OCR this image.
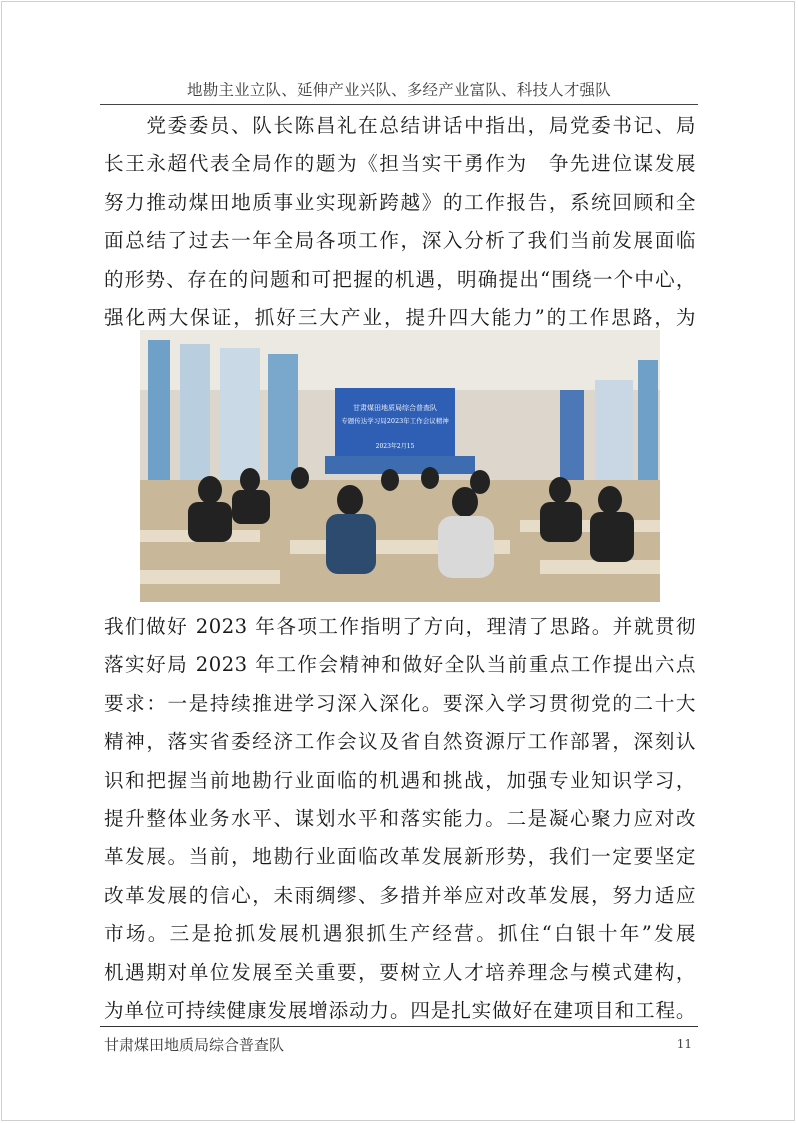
地勘主业立队、延伸产业兴队、多经产业富队、科技人才强队
　　党委委员、队长陈昌礼在总结讲话中指出，局党委书记、局
长王永超代表全局作的题为《担当实干勇作为　争先进位谋发展
努力推动煤田地质事业实现新跨越》的工作报告，系统回顾和全
面总结了过去一年全局各项工作，深入分析了我们当前发展面临
的形势、存在的问题和可把握的机遇，明确提出“围绕一个中心，
强化两大保证，抓好三大产业，提升四大能力”的工作思路，为
甘肃煤田地质局综合普查队
专题传达学习局2023年工作会议精神
2023年2月15
我们做好 2023 年各项工作指明了方向，理清了思路。并就贯彻
落实好局 2023 年工作会精神和做好全队当前重点工作提出六点
要求：一是持续推进学习深入深化。要深入学习贯彻党的二十大
精神，落实省委经济工作会议及省自然资源厅工作部署，深刻认
识和把握当前地勘行业面临的机遇和挑战，加强专业知识学习，
提升整体业务水平、谋划水平和落实能力。二是凝心聚力应对改
革发展。当前，地勘行业面临改革发展新形势，我们一定要坚定
改革发展的信心，未雨绸缪、多措并举应对改革发展，努力适应
市场。三是抢抓发展机遇狠抓生产经营。抓住“白银十年”发展
机遇期对单位发展至关重要，要树立人才培养理念与模式建构，
为单位可持续健康发展增添动力。四是扎实做好在建项目和工程。
甘肃煤田地质局综合普查队	11
